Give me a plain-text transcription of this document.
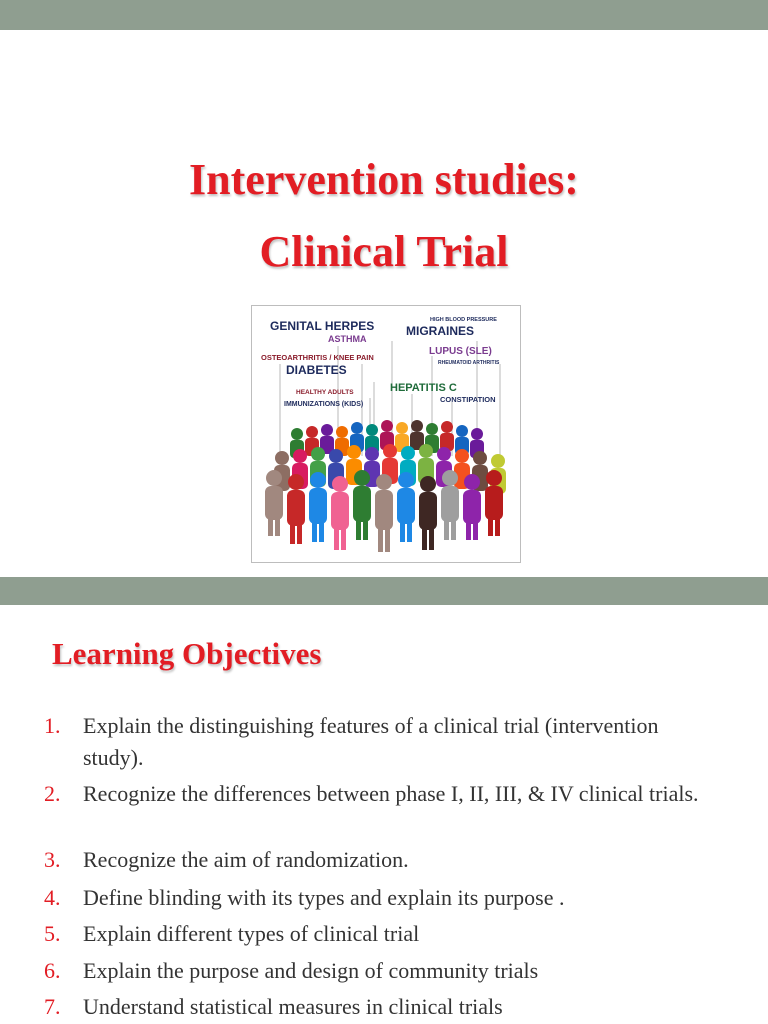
Intervention studies:
Clinical Trial
GENITAL HERPES
ASTHMA
HIGH BLOOD PRESSURE
MIGRAINES
LUPUS (SLE)
RHEUMATOID ARTHRITIS
OSTEOARTHRITIS / KNEE PAIN
DIABETES
HEALTHY ADULTS	HEPATITIS C
IMMUNIZATIONS (KIDS)
CONSTIPATION
Learning Objectives
1. Explain the distinguishing features of a clinical trial (intervention study).
2. Recognize the differences between phase I, II, III, & IV clinical trials.
3. Recognize the aim of randomization.
4. Define blinding with its types and explain its purpose .
5. Explain different types of clinical trial
6. Explain the purpose and design of community trials
7. Understand statistical measures in clinical trials
